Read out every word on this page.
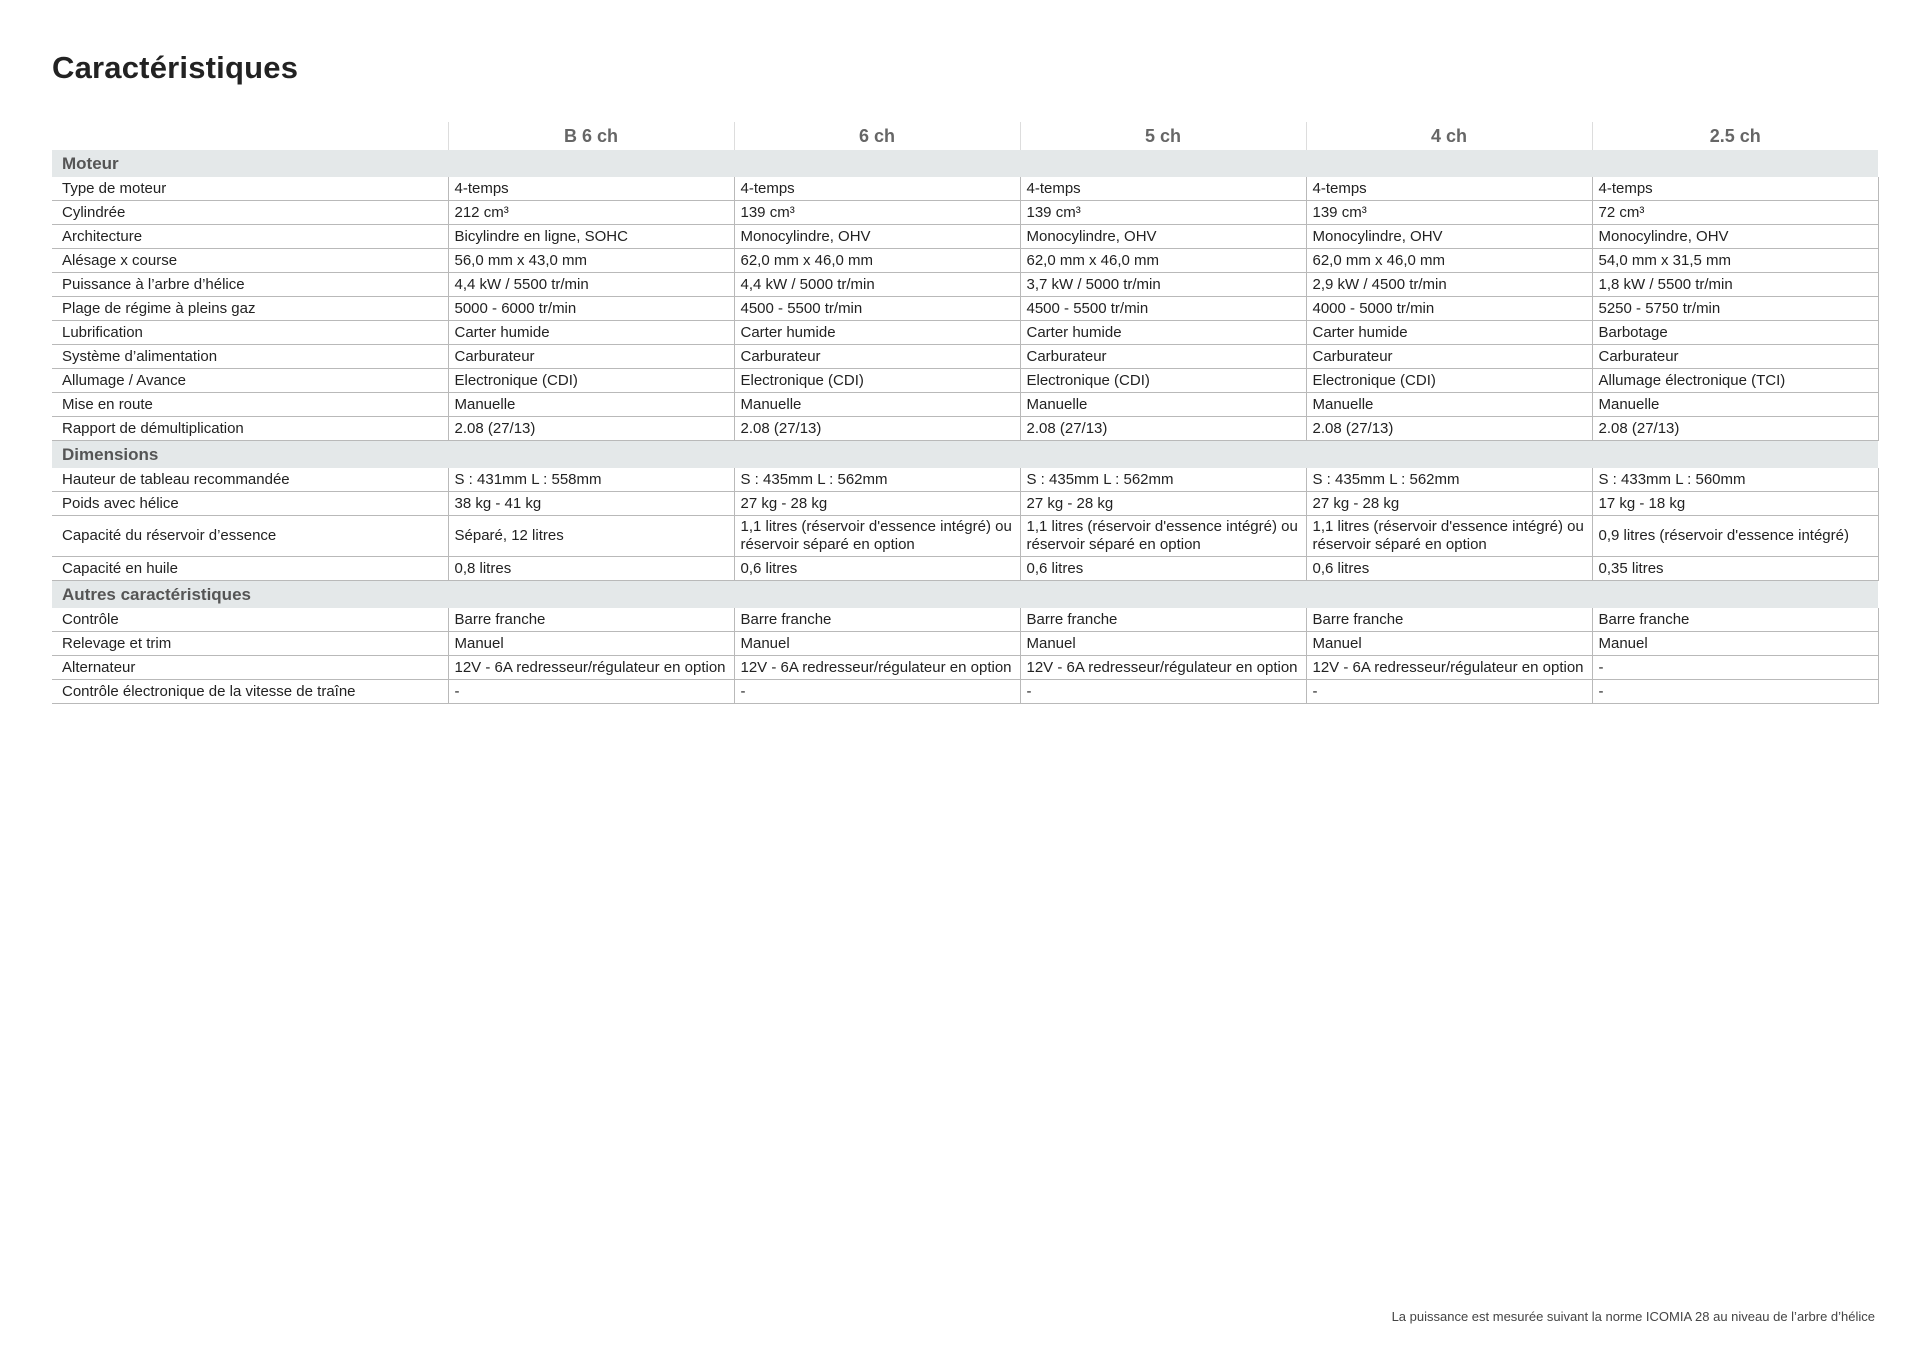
Caractéristiques
	B 6 ch	6 ch	5 ch	4 ch	2.5 ch
Moteur					
Type de moteur	4-temps	4-temps	4-temps	4-temps	4-temps
Cylindrée	212 cm³	139 cm³	139 cm³	139 cm³	72 cm³
Architecture	Bicylindre en ligne, SOHC	Monocylindre, OHV	Monocylindre, OHV	Monocylindre, OHV	Monocylindre, OHV
Alésage x course	56,0 mm x 43,0 mm	62,0 mm x 46,0 mm	62,0 mm x 46,0 mm	62,0 mm x 46,0 mm	54,0 mm x 31,5 mm
Puissance à l’arbre d’hélice	4,4 kW / 5500 tr/min	4,4 kW / 5000 tr/min	3,7 kW / 5000 tr/min	2,9 kW / 4500 tr/min	1,8 kW / 5500 tr/min
Plage de régime à pleins gaz	5000 - 6000 tr/min	4500 - 5500 tr/min	4500 - 5500 tr/min	4000 - 5000 tr/min	5250 - 5750 tr/min
Lubrification	Carter humide	Carter humide	Carter humide	Carter humide	Barbotage
Système d’alimentation	Carburateur	Carburateur	Carburateur	Carburateur	Carburateur
Allumage / Avance	Electronique (CDI)	Electronique (CDI)	Electronique (CDI)	Electronique (CDI)	Allumage électronique (TCI)
Mise en route	Manuelle	Manuelle	Manuelle	Manuelle	Manuelle
Rapport de démultiplication	2.08 (27/13)	2.08 (27/13)	2.08 (27/13)	2.08 (27/13)	2.08 (27/13)
Dimensions					
Hauteur de tableau recommandée	S : 431mm L : 558mm	S : 435mm L : 562mm	S : 435mm L : 562mm	S : 435mm L : 562mm	S : 433mm L : 560mm
Poids avec hélice	38 kg - 41 kg	27 kg - 28 kg	27 kg - 28 kg	27 kg - 28 kg	17 kg - 18 kg
Capacité du réservoir d’essence	Séparé, 12 litres	1,1 litres (réservoir d'essence intégré) ou réservoir séparé en option	1,1 litres (réservoir d'essence intégré) ou réservoir séparé en option	1,1 litres (réservoir d'essence intégré) ou réservoir séparé en option	0,9 litres (réservoir d'essence intégré)
Capacité en huile	0,8 litres	0,6 litres	0,6 litres	0,6 litres	0,35 litres
Autres caractéristiques					
Contrôle	Barre franche	Barre franche	Barre franche	Barre franche	Barre franche
Relevage et trim	Manuel	Manuel	Manuel	Manuel	Manuel
Alternateur	12V - 6A redresseur/régulateur en option	12V - 6A redresseur/régulateur en option	12V - 6A redresseur/régulateur en option	12V - 6A redresseur/régulateur en option	-
Contrôle électronique de la vitesse de traîne	-	-	-	-	-
La puissance est mesurée suivant la norme ICOMIA 28 au niveau de l’arbre d’hélice
